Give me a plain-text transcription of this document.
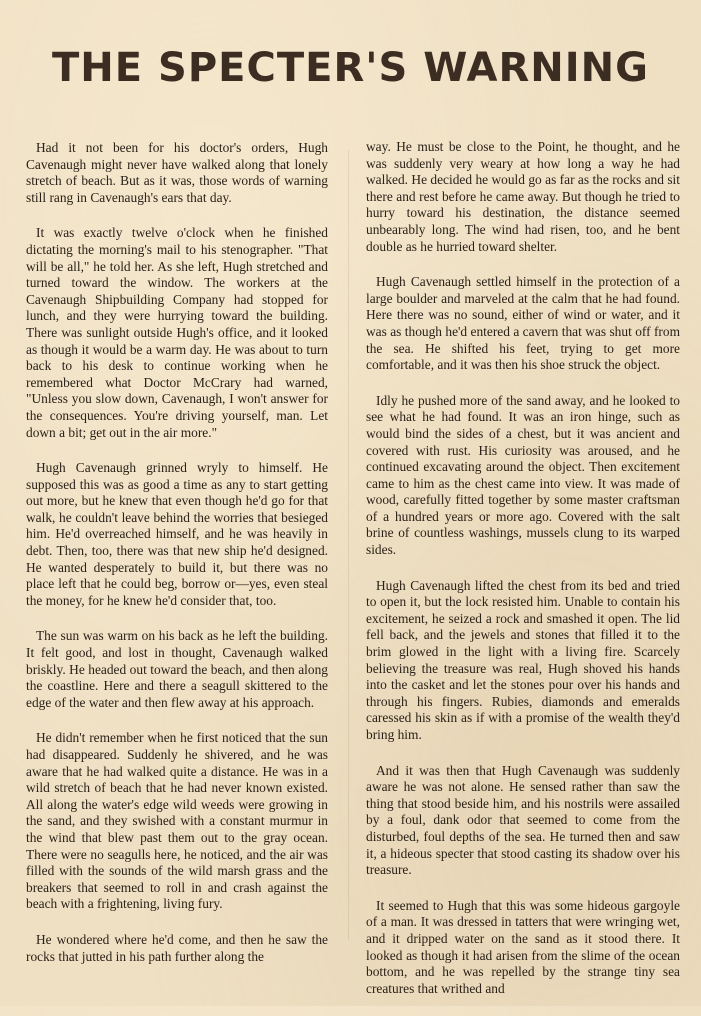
THE SPECTER'S WARNING

Had it not been for his doctor's orders, Hugh Cavenaugh might never have walked along that lonely stretch of beach. But as it was, those words of warning still rang in Cavenaugh's ears that day.

It was exactly twelve o'clock when he finished dictating the morning's mail to his stenographer. "That will be all," he told her. As she left, Hugh stretched and turned toward the window. The workers at the Cavenaugh Shipbuilding Company had stopped for lunch, and they were hurrying toward the building. There was sunlight outside Hugh's office, and it looked as though it would be a warm day. He was about to turn back to his desk to continue working when he remembered what Doctor McCrary had warned, "Unless you slow down, Cavenaugh, I won't answer for the consequences. You're driving yourself, man. Let down a bit; get out in the air more."

Hugh Cavenaugh grinned wryly to himself. He supposed this was as good a time as any to start getting out more, but he knew that even though he'd go for that walk, he couldn't leave behind the worries that besieged him. He'd overreached himself, and he was heavily in debt. Then, too, there was that new ship he'd designed. He wanted desperately to build it, but there was no place left that he could beg, borrow or—yes, even steal the money, for he knew he'd consider that, too.

The sun was warm on his back as he left the building. It felt good, and lost in thought, Cavenaugh walked briskly. He headed out toward the beach, and then along the coastline. Here and there a seagull skittered to the edge of the water and then flew away at his approach.

He didn't remember when he first noticed that the sun had disappeared. Suddenly he shivered, and he was aware that he had walked quite a distance. He was in a wild stretch of beach that he had never known existed. All along the water's edge wild weeds were growing in the sand, and they swished with a constant murmur in the wind that blew past them out to the gray ocean. There were no seagulls here, he noticed, and the air was filled with the sounds of the wild marsh grass and the breakers that seemed to roll in and crash against the beach with a frightening, living fury.

He wondered where he'd come, and then he saw the rocks that jutted in his path further along the

way. He must be close to the Point, he thought, and he was suddenly very weary at how long a way he had walked. He decided he would go as far as the rocks and sit there and rest before he came away. But though he tried to hurry toward his destination, the distance seemed unbearably long. The wind had risen, too, and he bent double as he hurried toward shelter.

Hugh Cavenaugh settled himself in the protection of a large boulder and marveled at the calm that he had found. Here there was no sound, either of wind or water, and it was as though he'd entered a cavern that was shut off from the sea. He shifted his feet, trying to get more comfortable, and it was then his shoe struck the object.

Idly he pushed more of the sand away, and he looked to see what he had found. It was an iron hinge, such as would bind the sides of a chest, but it was ancient and covered with rust. His curiosity was aroused, and he continued excavating around the object. Then excitement came to him as the chest came into view. It was made of wood, carefully fitted together by some master craftsman of a hundred years or more ago. Covered with the salt brine of countless washings, mussels clung to its warped sides.

Hugh Cavenaugh lifted the chest from its bed and tried to open it, but the lock resisted him. Unable to contain his excitement, he seized a rock and smashed it open. The lid fell back, and the jewels and stones that filled it to the brim glowed in the light with a living fire. Scarcely believing the treasure was real, Hugh shoved his hands into the casket and let the stones pour over his hands and through his fingers. Rubies, diamonds and emeralds caressed his skin as if with a promise of the wealth they'd bring him.

And it was then that Hugh Cavenaugh was suddenly aware he was not alone. He sensed rather than saw the thing that stood beside him, and his nostrils were assailed by a foul, dank odor that seemed to come from the disturbed, foul depths of the sea. He turned then and saw it, a hideous specter that stood casting its shadow over his treasure.

It seemed to Hugh that this was some hideous gargoyle of a man. It was dressed in tatters that were wringing wet, and it dripped water on the sand as it stood there. It looked as though it had arisen from the slime of the ocean bottom, and he was repelled by the strange tiny sea creatures that writhed and
